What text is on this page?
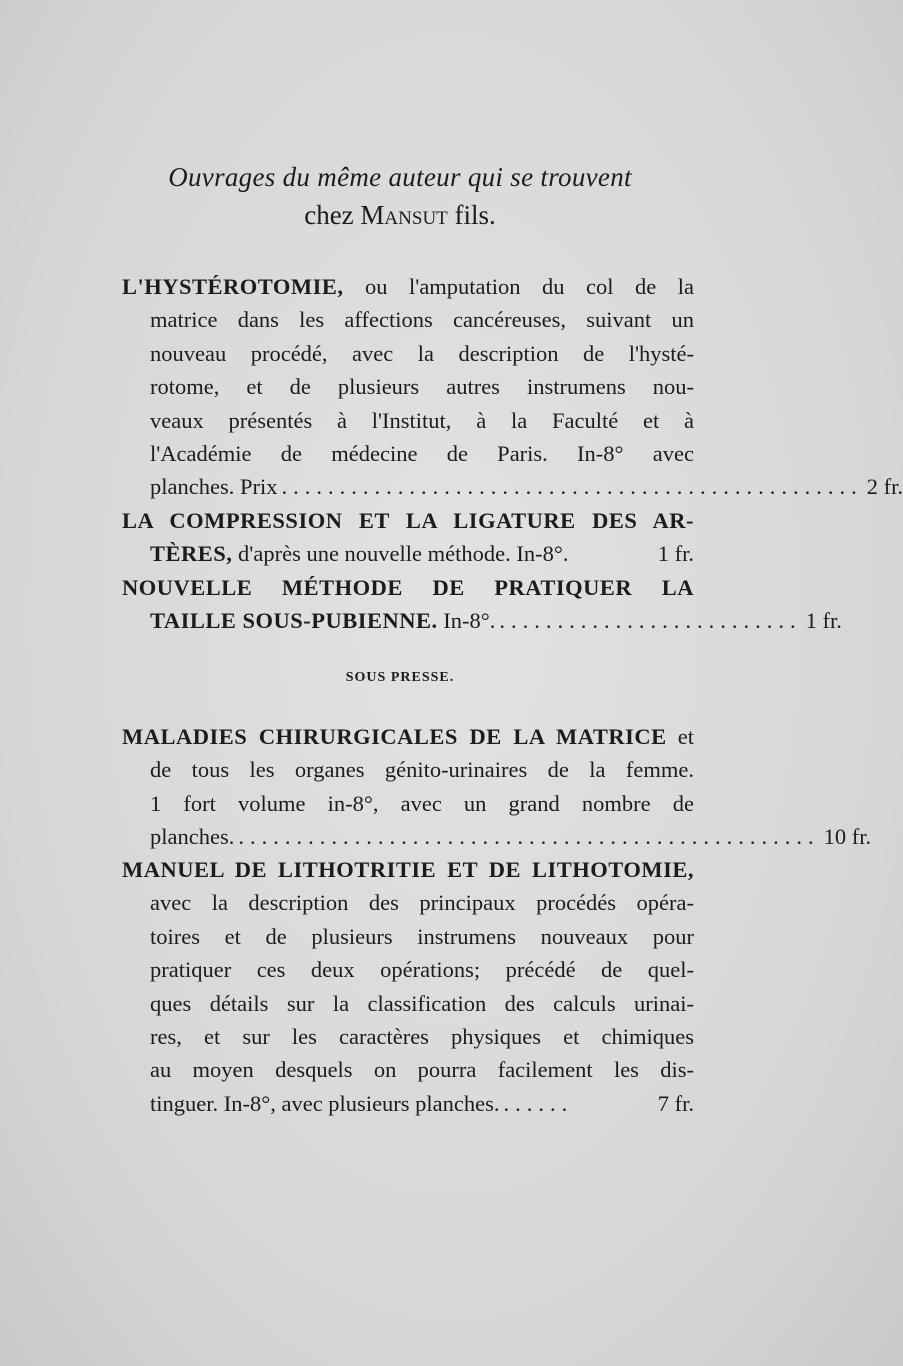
Ouvrages du même auteur qui se trouvent
chez Mansut fils.
L'HYSTÉROTOMIE, ou l'amputation du col de la
matrice dans les affections cancéreuses, suivant un
nouveau procédé, avec la description de l'hysté-
rotome, et de plusieurs autres instrumens nou-
veaux présentés à l'Institut, à la Faculté et à
l'Académie de médecine de Paris. In-8° avec
planches. Prix .................................................. 2 fr.
LA COMPRESSION ET LA LIGATURE DES AR-
TÈRES, d'après une nouvelle méthode. In-8°.	1 fr.
NOUVELLE MÉTHODE DE PRATIQUER LA
TAILLE SOUS-PUBIENNE. In-8°. .......................... 1 fr.
SOUS PRESSE.
MALADIES CHIRURGICALES DE LA MATRICE et
de tous les organes génito-urinaires de la femme.
1 fort volume in-8°, avec un grand nombre de
planches. .................................................. 10 fr.
MANUEL DE LITHOTRITIE ET DE LITHOTOMIE,
avec la description des principaux procédés opéra-
toires et de plusieurs instrumens nouveaux pour
pratiquer ces deux opérations; précédé de quel-
ques détails sur la classification des calculs urinai-
res, et sur les caractères physiques et chimiques
au moyen desquels on pourra facilement les dis-
tinguer. In-8°, avec plusieurs planches. ......	7 fr.
